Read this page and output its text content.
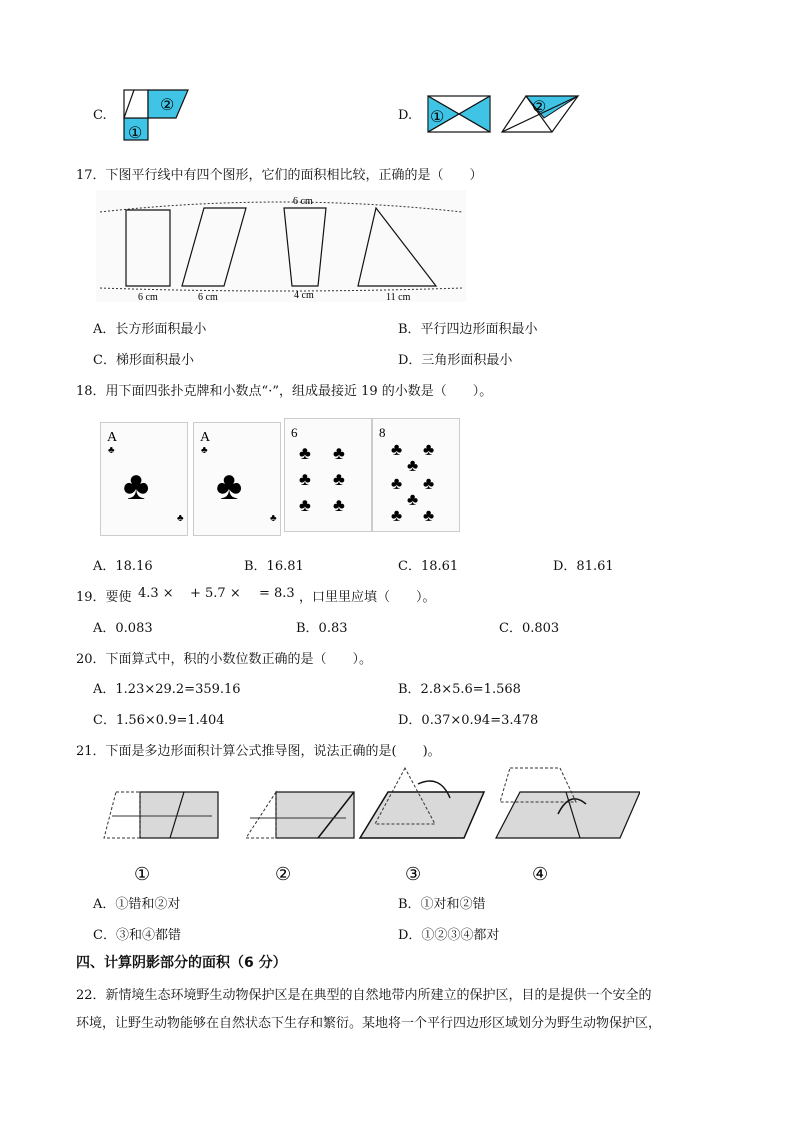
C.
②
①
D. ①
②
17．下图平行线中有四个图形，它们的面积相比较，正确的是（　　）
6 cm
6 cm	6 cm	4 cm	11 cm
A．长方形面积最小	B．平行四边形面积最小
C．梯形面积最小	D．三角形面积最小
18．用下面四张扑克牌和小数点“·”，组成最接近 19 的小数是（　　）。
A
♣
♣
♣
A
♣
♣
♣
6
♣ ♣
♣ ♣
♣ ♣
8
♣ ♣
♣
♣ ♣
♣
♣ ♣
A．18.16	B．16.81	C．18.61	D．81.61
19．要使 4.3 × + 5.7 × = 8.3 ，口里里应填（　　）。
A．0.083	B．0.83	C．0.803
20．下面算式中，积的小数位数正确的是（　　）。
A．1.23×29.2=359.16	B．2.8×5.6=1.568
C．1.56×0.9=1.404	D．0.37×0.94=3.478
21．下面是多边形面积计算公式推导图，说法正确的是(　　)。
①	②	③	④
A．①错和②对	B．①对和②错
C．③和④都错	D．①②③④都对
四、计算阴影部分的面积（6 分）
22．新情境生态环境野生动物保护区是在典型的自然地带内所建立的保护区，目的是提供一个安全的
环境，让野生动物能够在自然状态下生存和繁衍。某地将一个平行四边形区域划分为野生动物保护区，
